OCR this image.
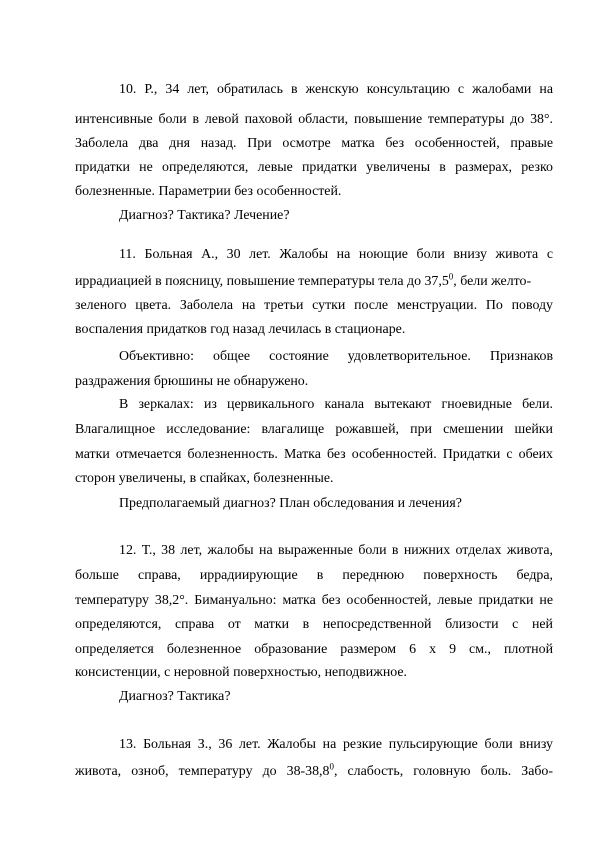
10. Р., 34 лет, обратилась в женскую консультацию с жалобами на
интенсивные боли в левой паховой области, повышение температуры до 38°.
Заболела два дня назад. При осмотре матка без особенностей, правые
придатки не определяются, левые придатки увеличены в размерах, резко
болезненные. Параметрии без особенностей.
Диагноз? Тактика? Лечение?
11. Больная А., 30 лет. Жалобы на ноющие боли внизу живота с
иррадиацией в поясницу, повышение температуры тела до 37,5$^0$, бели желто-
зеленого цвета. Заболела на третьи сутки после менструации. По поводу
воспаления придатков год назад лечилась в стационаре.
Объективно: общее состояние удовлетворительное. Признаков
раздражения брюшины не обнаружено.
В зеркалах: из цервикального канала вытекают гноевидные бели.
Влагалищное исследование: влагалище рожавшей, при смешении шейки
матки отмечается болезненность. Матка без особенностей. Придатки с обеих
сторон увеличены, в спайках, болезненные.
Предполагаемый диагноз? План обследования и лечения?
12. Т., 38 лет, жалобы на выраженные боли в нижних отделах живота,
больше справа, иррадиирующие в переднюю поверхность бедра,
температуру 38,2°. Бимануально: матка без особенностей, левые придатки не
определяются, справа от матки в непосредственной близости с ней
определяется болезненное образование размером 6 х 9 см., плотной
консистенции, с неровной поверхностью, неподвижное.
Диагноз? Тактика?
13. Больная З., 36 лет. Жалобы на резкие пульсирующие боли внизу
живота, озноб, температуру до 38-38,8$^0$, слабость, головную боль. Забо-
